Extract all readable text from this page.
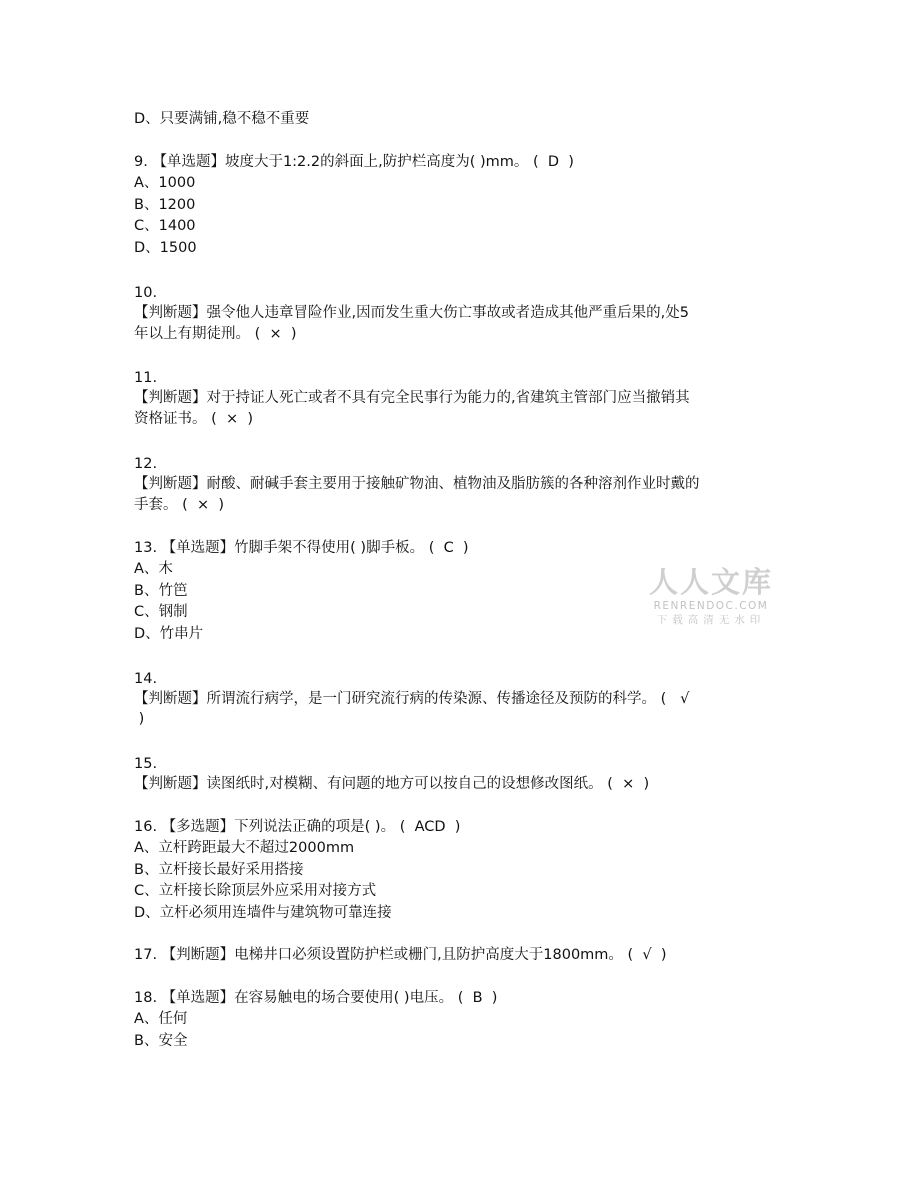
D、只要满铺,稳不稳不重要
9. 【单选题】坡度大于1:2.2的斜面上,防护栏高度为( )mm。 (  D  )
A、1000
B、1200
C、1400
D、1500
10.
【判断题】强令他人违章冒险作业,因而发生重大伤亡事故或者造成其他严重后果的,处5
年以上有期徒刑。 (  ×  )
11.
【判断题】对于持证人死亡或者不具有完全民事行为能力的,省建筑主管部门应当撤销其
资格证书。 (  ×  )
12.
【判断题】耐酸、耐碱手套主要用于接触矿物油、植物油及脂肪簇的各种溶剂作业时戴的
手套。 (  ×  )
13. 【单选题】竹脚手架不得使用( )脚手板。 (  C  )
A、木
B、竹笆
C、钢制
D、竹串片
14.
【判断题】所谓流行病学，是一门研究流行病的传染源、传播途径及预防的科学。 (   √
)
15.
【判断题】读图纸时,对模糊、有问题的地方可以按自己的设想修改图纸。 (  ×  )
16. 【多选题】下列说法正确的项是( )。 (  ACD  )
A、立杆跨距最大不超过2000mm
B、立杆接长最好采用搭接
C、立杆接长除顶层外应采用对接方式
D、立杆必须用连墙件与建筑物可靠连接
17. 【判断题】电梯井口必须设置防护栏或栅门,且防护高度大于1800mm。 (  √  )
18. 【单选题】在容易触电的场合要使用( )电压。 (  B  )
A、任何
B、安全
人人文库
RENRENDOC.COM
下载高清无水印
